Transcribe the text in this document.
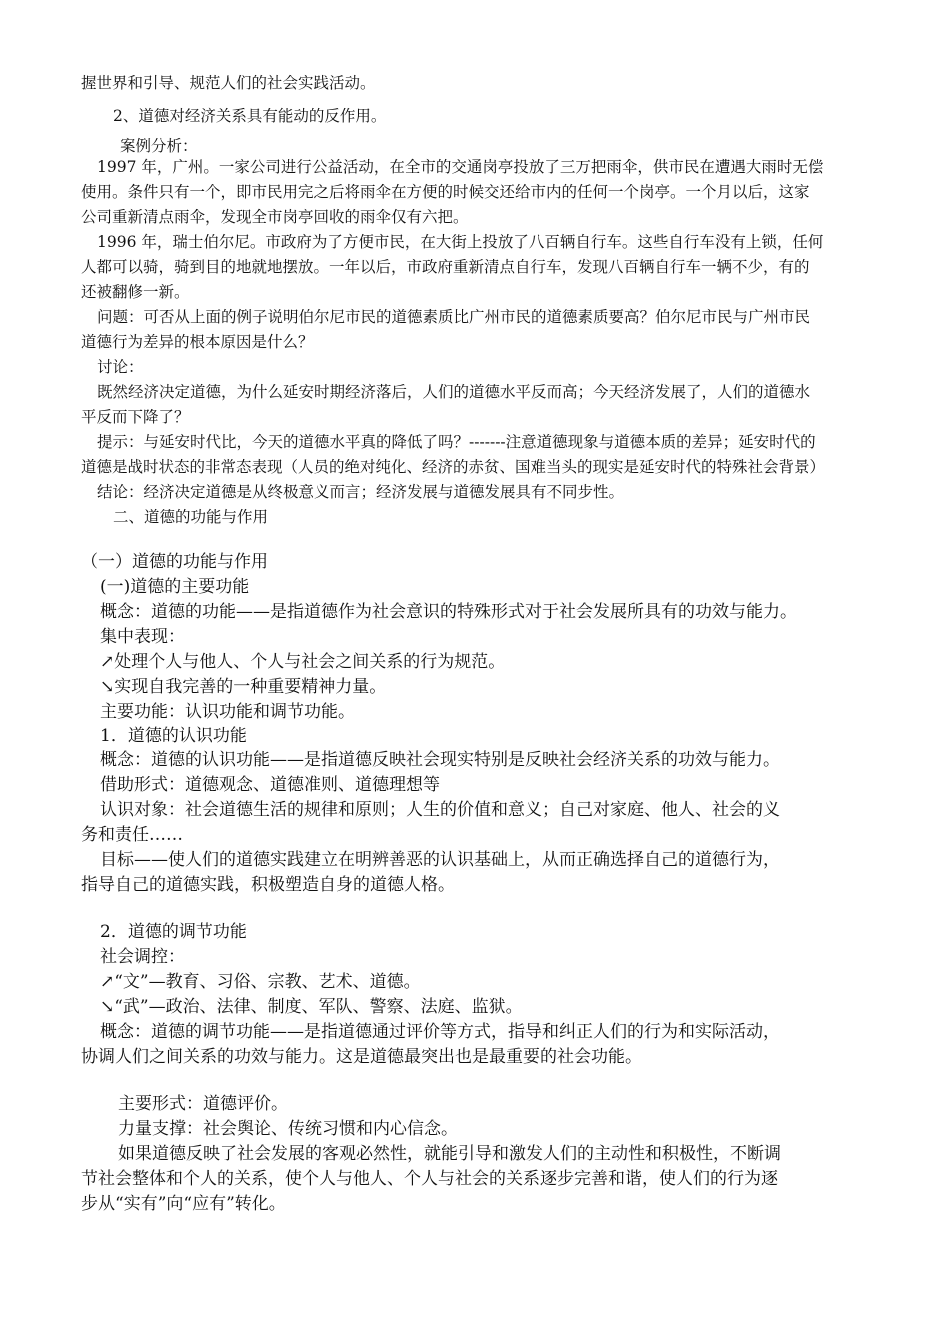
握世界和引导、规范人们的社会实践活动。

2、道德对经济关系具有能动的反作用。

案例分析：

1997 年，广州。一家公司进行公益活动，在全市的交通岗亭投放了三万把雨伞，供市民在遭遇大雨时无偿

使用。条件只有一个，即市民用完之后将雨伞在方便的时候交还给市内的任何一个岗亭。一个月以后，这家

公司重新清点雨伞，发现全市岗亭回收的雨伞仅有六把。

1996 年，瑞士伯尔尼。市政府为了方便市民，在大街上投放了八百辆自行车。这些自行车没有上锁，任何

人都可以骑，骑到目的地就地摆放。一年以后，市政府重新清点自行车，发现八百辆自行车一辆不少，有的

还被翻修一新。

问题：可否从上面的例子说明伯尔尼市民的道德素质比广州市民的道德素质要高？伯尔尼市民与广州市民

道德行为差异的根本原因是什么？

讨论：

既然经济决定道德，为什么延安时期经济落后，人们的道德水平反而高；今天经济发展了，人们的道德水

平反而下降了？

提示：与延安时代比，今天的道德水平真的降低了吗？-------注意道德现象与道德本质的差异；延安时代的

道德是战时状态的非常态表现（人员的绝对纯化、经济的赤贫、国难当头的现实是延安时代的特殊社会背景）

结论：经济决定道德是从终极意义而言；经济发展与道德发展具有不同步性。

二、道德的功能与作用

（一）道德的功能与作用

(一)道德的主要功能

概念：道德的功能——是指道德作为社会意识的特殊形式对于社会发展所具有的功效与能力。

集中表现：

↗处理个人与他人、个人与社会之间关系的行为规范。

↘实现自我完善的一种重要精神力量。

主要功能：认识功能和调节功能。

1．道德的认识功能

概念：道德的认识功能——是指道德反映社会现实特别是反映社会经济关系的功效与能力。

借助形式：道德观念、道德准则、道德理想等

认识对象：社会道德生活的规律和原则；人生的价值和意义；自己对家庭、他人、社会的义

务和责任……

目标——使人们的道德实践建立在明辨善恶的认识基础上，从而正确选择自己的道德行为，

指导自己的道德实践，积极塑造自身的道德人格。

2．道德的调节功能

社会调控：

↗“文”—教育、习俗、宗教、艺术、道德。

↘“武”—政治、法律、制度、军队、警察、法庭、监狱。

概念：道德的调节功能——是指道德通过评价等方式，指导和纠正人们的行为和实际活动，

协调人们之间关系的功效与能力。这是道德最突出也是最重要的社会功能。

主要形式：道德评价。

力量支撑：社会舆论、传统习惯和内心信念。

如果道德反映了社会发展的客观必然性，就能引导和激发人们的主动性和积极性，不断调

节社会整体和个人的关系，使个人与他人、个人与社会的关系逐步完善和谐，使人们的行为逐

步从“实有”向“应有”转化。
